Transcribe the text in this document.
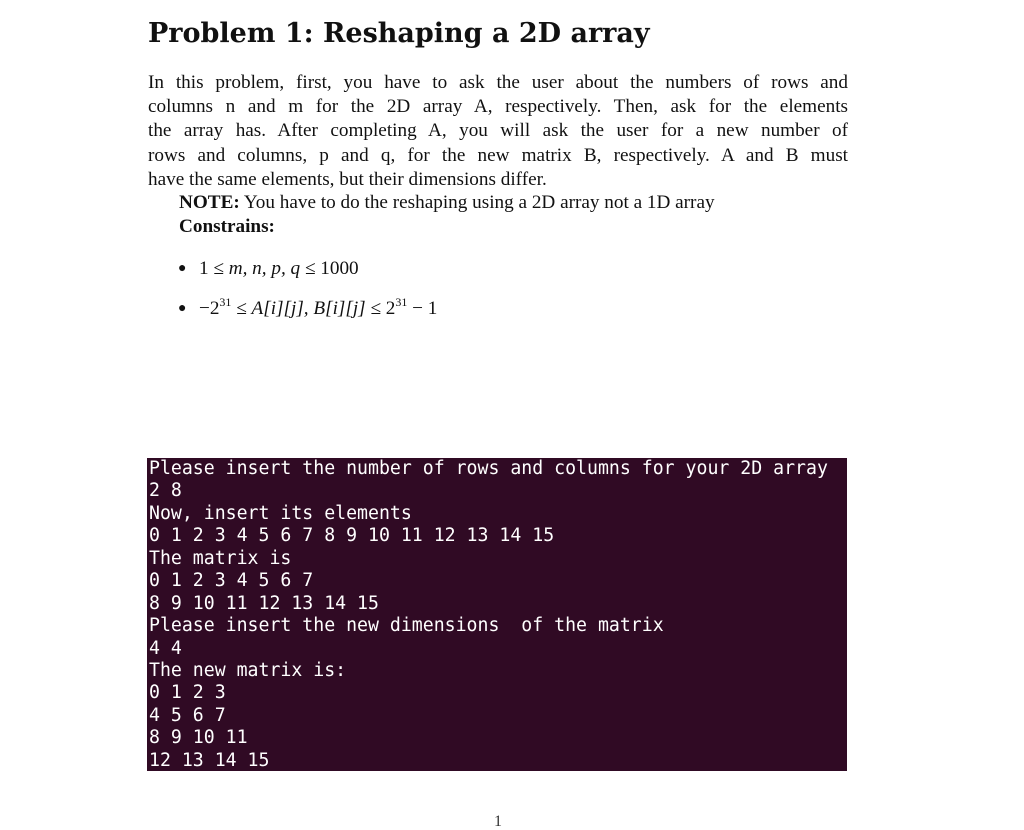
Problem 1: Reshaping a 2D array

In this problem, first, you have to ask the user about the numbers of rows and
columns n and m for the 2D array A, respectively. Then, ask for the elements
the array has. After completing A, you will ask the user for a new number of
rows and columns, p and q, for the new matrix B, respectively. A and B must
have the same elements, but their dimensions differ.

NOTE: You have to do the reshaping using a 2D array not a 1D array

Constrains:

● 1 ≤ m, n, p, q ≤ 1000
● $-2^{31} \le A[i][j]$, $B[i][j] \le 2^{31} - 1$
Please insert the number of rows and columns for your 2D array
2 8
Now, insert its elements
0 1 2 3 4 5 6 7 8 9 10 11 12 13 14 15
The matrix is
0 1 2 3 4 5 6 7
8 9 10 11 12 13 14 15
Please insert the new dimensions  of the matrix
4 4
The new matrix is:
0 1 2 3
4 5 6 7
8 9 10 11
12 13 14 15
1
